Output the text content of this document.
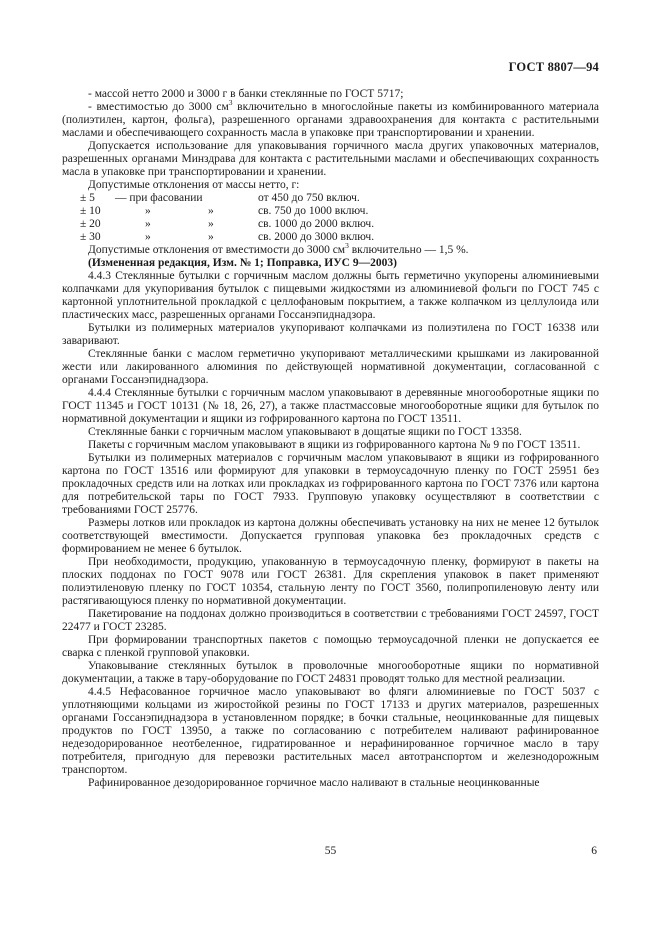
ГОСТ 8807—94

- массой нетто 2000 и 3000 г в банки стеклянные по ГОСТ 5717;

- вместимостью до 3000 $см^3$ включительно в многослойные пакеты из комбинированного материала (полиэтилен, картон, фольга), разрешенного органами здравоохранения для контакта с растительными маслами и обеспечивающего сохранность масла в упаковке при транспортировании и хранении.

Допускается использование для упаковывания горчичного масла других упаковочных материалов, разрешенных органами Минздрава для контакта с растительными маслами и обеспечивающих сохранность масла в упаковке при транспортировании и хранении.

Допустимые отклонения от массы нетто, г:

± 5 — при фасовании	от 450 до 750 включ.
± 10	»	»	св. 750 до 1000 включ.
± 20	»	»	св. 1000 до 2000 включ.
± 30	»	»	св. 2000 до 3000 включ.

Допустимые отклонения от вместимости до 3000 $см^3$ включительно — 1,5 %.

(Измененная редакция, Изм. № 1; Поправка, ИУС 9—2003)

4.4.3 Стеклянные бутылки с горчичным маслом должны быть герметично укупорены алюминиевыми колпачками для укупоривания бутылок с пищевыми жидкостями из алюминиевой фольги по ГОСТ 745 с картонной уплотнительной прокладкой с целлофановым покрытием, а также колпачком из целлулоида или пластических масс, разрешенных органами Госсанэпиднадзора.

Бутылки из полимерных материалов укупоривают колпачками из полиэтилена по ГОСТ 16338 или заваривают.

Стеклянные банки с маслом герметично укупоривают металлическими крышками из лакированной жести или лакированного алюминия по действующей нормативной документации, согласованной с органами Госсанэпиднадзора.

4.4.4 Стеклянные бутылки с горчичным маслом упаковывают в деревянные многооборотные ящики по ГОСТ 11345 и ГОСТ 10131 (№ 18, 26, 27), а также пластмассовые многооборотные ящики для бутылок по нормативной документации и ящики из гофрированного картона по ГОСТ 13511.

Стеклянные банки с горчичным маслом упаковывают в дощатые ящики по ГОСТ 13358.

Пакеты с горчичным маслом упаковывают в ящики из гофрированного картона № 9 по ГОСТ 13511.

Бутылки из полимерных материалов с горчичным маслом упаковывают в ящики из гофрированного картона по ГОСТ 13516 или формируют для упаковки в термоусадочную пленку по ГОСТ 25951 без прокладочных средств или на лотках или прокладках из гофрированного картона по ГОСТ 7376 или картона для потребительской тары по ГОСТ 7933. Групповую упаковку осуществляют в соответствии с требованиями ГОСТ 25776.

Размеры лотков или прокладок из картона должны обеспечивать установку на них не менее 12 бутылок соответствующей вместимости. Допускается групповая упаковка без прокладочных средств с формированием не менее 6 бутылок.

При необходимости, продукцию, упакованную в термоусадочную пленку, формируют в пакеты на плоских поддонах по ГОСТ 9078 или ГОСТ 26381. Для скрепления упаковок в пакет применяют полиэтиленовую пленку по ГОСТ 10354, стальную ленту по ГОСТ 3560, полипропиленовую ленту или растягивающуюся пленку по нормативной документации.

Пакетирование на поддонах должно производиться в соответствии с требованиями ГОСТ 24597, ГОСТ 22477 и ГОСТ 23285.

При формировании транспортных пакетов с помощью термоусадочной пленки не допускается ее сварка с пленкой групповой упаковки.

Упаковывание стеклянных бутылок в проволочные многооборотные ящики по нормативной документации, а также в тару-оборудование по ГОСТ 24831 проводят только для местной реализации.

4.4.5 Нефасованное горчичное масло упаковывают во фляги алюминиевые по ГОСТ 5037 с уплотняющими кольцами из жиростойкой резины по ГОСТ 17133 и других материалов, разрешенных органами Госсанэпиднадзора в установленном порядке; в бочки стальные, неоцинкованные для пищевых продуктов по ГОСТ 13950, а также по согласованию с потребителем наливают рафинированное недезодорированное неотбеленное, гидратированное и нерафинированное горчичное масло в тару потребителя, пригодную для перевозки растительных масел автотранспортом и железнодорожным транспортом.

Рафинированное дезодорированное горчичное масло наливают в стальные неоцинкованные

55	6
